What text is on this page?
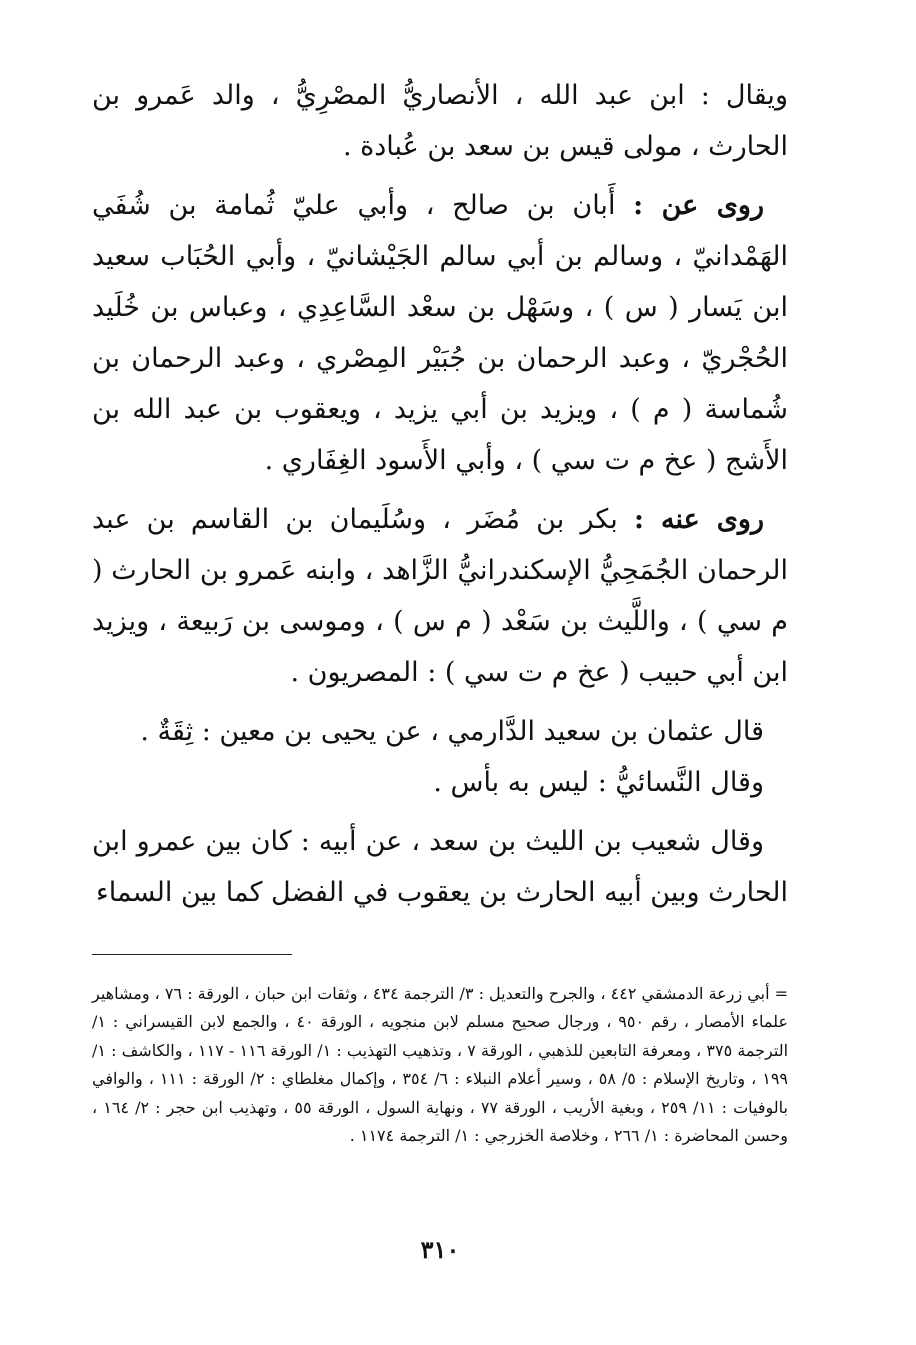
ويقال : ابن عبد الله ، الأنصاريُّ المصْرِيُّ ، والد عَمرو بن الحارث ، مولى قيس بن سعد بن عُبادة .

روى عن : أَبان بن صالح ، وأبي عليّ ثُمامة بن شُفَي الهَمْدانيّ ، وسالم بن أبي سالم الجَيْشانيّ ، وأبي الحُبَاب سعيد ابن يَسار ( س ) ، وسَهْل بن سعْد السَّاعِدِي ، وعباس بن خُلَيد الحُجْريّ ، وعبد الرحمان بن جُبَيْر المِصْري ، وعبد الرحمان بن شُماسة ( م ) ، ويزيد بن أبي يزيد ، ويعقوب بن عبد الله بن الأَشج ( عخ م ت سي ) ، وأبي الأَسود الغِفَاري .

روى عنه : بكر بن مُضَر ، وسُلَيمان بن القاسم بن عبد الرحمان الجُمَحِيُّ الإسكندرانيُّ الزَّاهد ، وابنه عَمرو بن الحارث ( م سي ) ، واللَّيث بن سَعْد ( م س ) ، وموسى بن رَبيعة ، ويزيد ابن أبي حبيب ( عخ م ت سي ) : المصريون .

قال عثمان بن سعيد الدَّارمي ، عن يحيى بن معين : ثِقَةٌ .

وقال النَّسائيُّ : ليس به بأس .

وقال شعيب بن الليث بن سعد ، عن أبيه : كان بين عمرو ابن الحارث وبين أبيه الحارث بن يعقوب في الفضل كما بين السماء

= أبي زرعة الدمشقي ٤٤٢ ، والجرح والتعديل : ٣/ الترجمة ٤٣٤ ، وثقات ابن حبان ، الورقة : ٧٦ ، ومشاهير علماء الأمصار ، رقم ٩٥٠ ، ورجال صحيح مسلم لابن منجويه ، الورقة ٤٠ ، والجمع لابن القيسراني : ١/ الترجمة ٣٧٥ ، ومعرفة التابعين للذهبي ، الورقة ٧ ، وتذهيب التهذيب : ١/ الورقة ١١٦ - ١١٧ ، والكاشف : ١/ ١٩٩ ، وتاريخ الإسلام : ٥/ ٥٨ ، وسير أعلام النبلاء : ٦/ ٣٥٤ ، وإكمال مغلطاي : ٢/ الورقة : ١١١ ، والوافي بالوفيات : ١١/ ٢٥٩ ، وبغية الأريب ، الورقة ٧٧ ، ونهاية السول ، الورقة ٥٥ ، وتهذيب ابن حجر : ٢/ ١٦٤ ، وحسن المحاضرة : ١/ ٢٦٦ ، وخلاصة الخزرجي : ١/ الترجمة ١١٧٤ .

٣١٠
